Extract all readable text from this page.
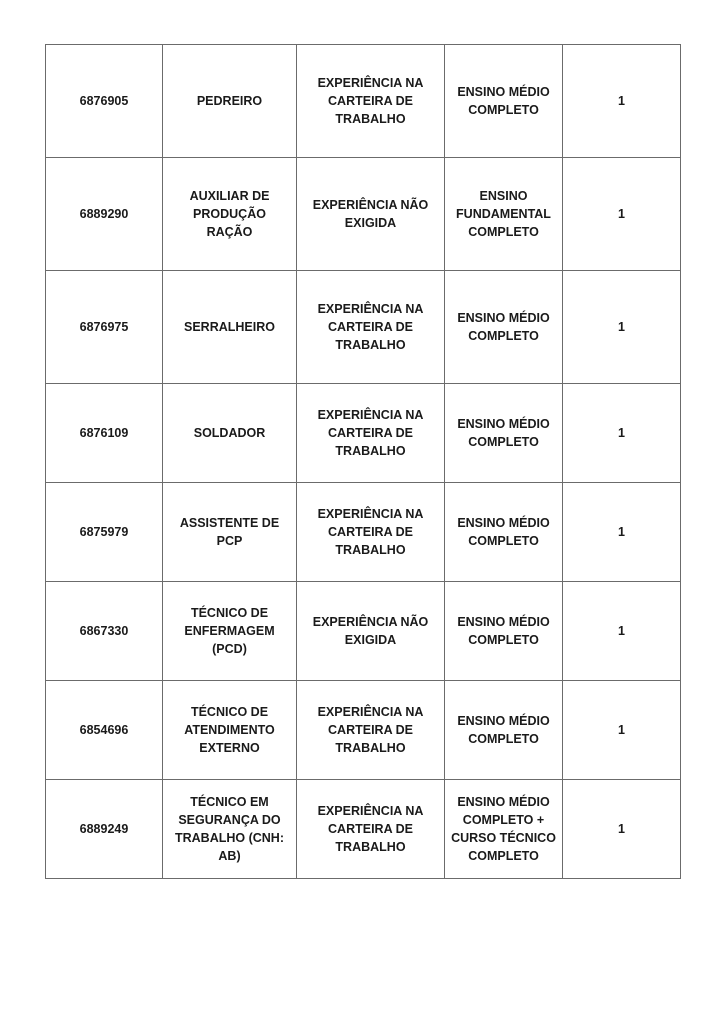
6876905	PEDREIRO	EXPERIÊNCIA NA
CARTEIRA DE
TRABALHO	ENSINO MÉDIO
COMPLETO	1
6889290	AUXILIAR DE
PRODUÇÃO RAÇÃO	EXPERIÊNCIA NÃO
EXIGIDA	ENSINO
FUNDAMENTAL
COMPLETO	1
6876975	SERRALHEIRO	EXPERIÊNCIA NA
CARTEIRA DE
TRABALHO	ENSINO MÉDIO
COMPLETO	1
6876109	SOLDADOR	EXPERIÊNCIA NA
CARTEIRA DE
TRABALHO	ENSINO MÉDIO
COMPLETO	1
6875979	ASSISTENTE DE PCP	EXPERIÊNCIA NA
CARTEIRA DE
TRABALHO	ENSINO MÉDIO
COMPLETO	1
6867330	TÉCNICO DE
ENFERMAGEM (PCD)	EXPERIÊNCIA NÃO
EXIGIDA	ENSINO MÉDIO
COMPLETO	1
6854696	TÉCNICO DE
ATENDIMENTO
EXTERNO	EXPERIÊNCIA NA
CARTEIRA DE
TRABALHO	ENSINO MÉDIO
COMPLETO	1
6889249	TÉCNICO EM
SEGURANÇA DO
TRABALHO (CNH: AB)	EXPERIÊNCIA NA
CARTEIRA DE
TRABALHO	ENSINO MÉDIO
COMPLETO +
CURSO TÉCNICO
COMPLETO	1
